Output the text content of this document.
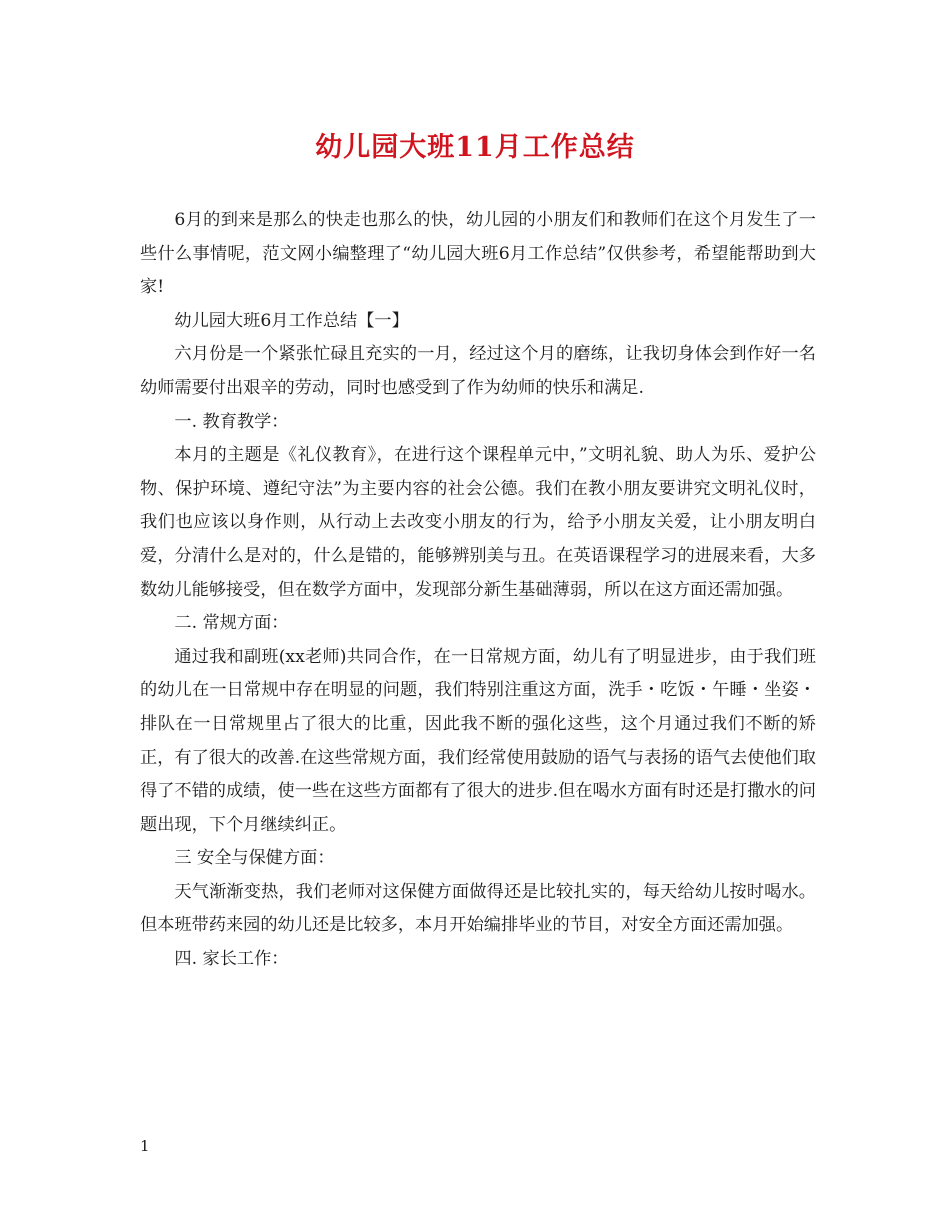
幼儿园大班11月工作总结

6月的到来是那么的快走也那么的快，幼儿园的小朋友们和教师们在这个月发生了一些什么事情呢，范文网小编整理了“幼儿园大班6月工作总结”仅供参考，希望能帮助到大家!

幼儿园大班6月工作总结【一】

六月份是一个紧张忙碌且充实的一月，经过这个月的磨练，让我切身体会到作好一名幼师需要付出艰辛的劳动，同时也感受到了作为幼师的快乐和满足.

一. 教育教学：

本月的主题是《礼仪教育》，在进行这个课程单元中，”文明礼貌、助人为乐、爱护公物、保护环境、遵纪守法”为主要内容的社会公德。我们在教小朋友要讲究文明礼仪时，我们也应该以身作则，从行动上去改变小朋友的行为，给予小朋友关爱，让小朋友明白爱，分清什么是对的，什么是错的，能够辨别美与丑。在英语课程学习的进展来看，大多数幼儿能够接受，但在数学方面中，发现部分新生基础薄弱，所以在这方面还需加强。

二. 常规方面：

通过我和副班(xx老师)共同合作，在一日常规方面，幼儿有了明显进步，由于我们班的幼儿在一日常规中存在明显的问题，我们特别注重这方面，洗手・吃饭・午睡・坐姿・排队在一日常规里占了很大的比重，因此我不断的强化这些，这个月通过我们不断的矫正，有了很大的改善.在这些常规方面，我们经常使用鼓励的语气与表扬的语气去使他们取得了不错的成绩，使一些在这些方面都有了很大的进步.但在喝水方面有时还是打撒水的问题出现，下个月继续纠正。

三 安全与保健方面：

天气渐渐变热，我们老师对这保健方面做得还是比较扎实的，每天给幼儿按时喝水。但本班带药来园的幼儿还是比较多，本月开始编排毕业的节目，对安全方面还需加强。

四. 家长工作：

1
